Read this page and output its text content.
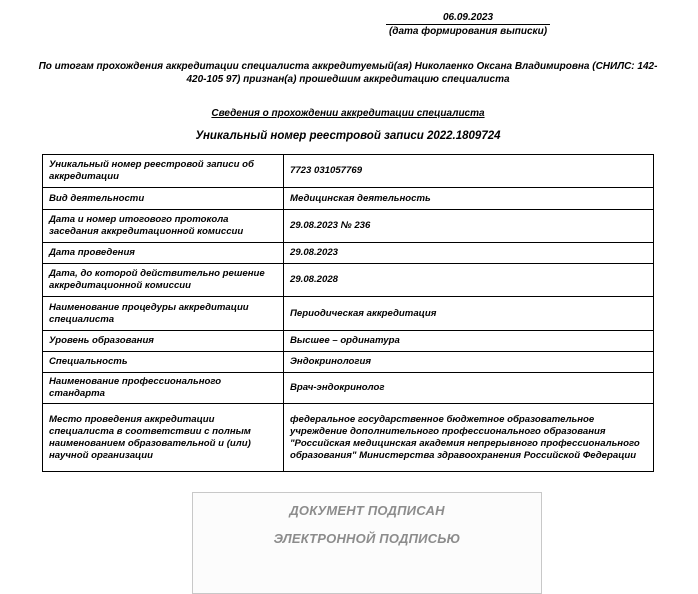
06.09.2023
(дата формирования выписки)
По итогам прохождения аккредитации специалиста аккредитуемый(ая) Николаенко Оксана Владимировна (СНИЛС: 142-420-105 97) признан(а) прошедшим аккредитацию специалиста
Сведения о прохождении аккредитации специалиста
Уникальный номер реестровой записи 2022.1809724
Уникальный номер реестровой записи об аккредитации	7723 031057769
Вид деятельности	Медицинская деятельность
Дата и номер итогового протокола заседания аккредитационной комиссии	29.08.2023 № 236
Дата проведения	29.08.2023
Дата, до которой действительно решение аккредитационной комиссии	29.08.2028
Наименование процедуры аккредитации специалиста	Периодическая аккредитация
Уровень образования	Высшее – ординатура
Специальность	Эндокринология
Наименование профессионального стандарта	Врач-эндокринолог
Место проведения аккредитации специалиста в соответствии с полным наименованием образовательной и (или) научной организации	федеральное государственное бюджетное образовательное учреждение дополнительного профессионального образования "Российская медицинская академия непрерывного профессионального образования" Министерства здравоохранения Российской Федерации
ДОКУМЕНТ ПОДПИСАН
ЭЛЕКТРОННОЙ ПОДПИСЬЮ
